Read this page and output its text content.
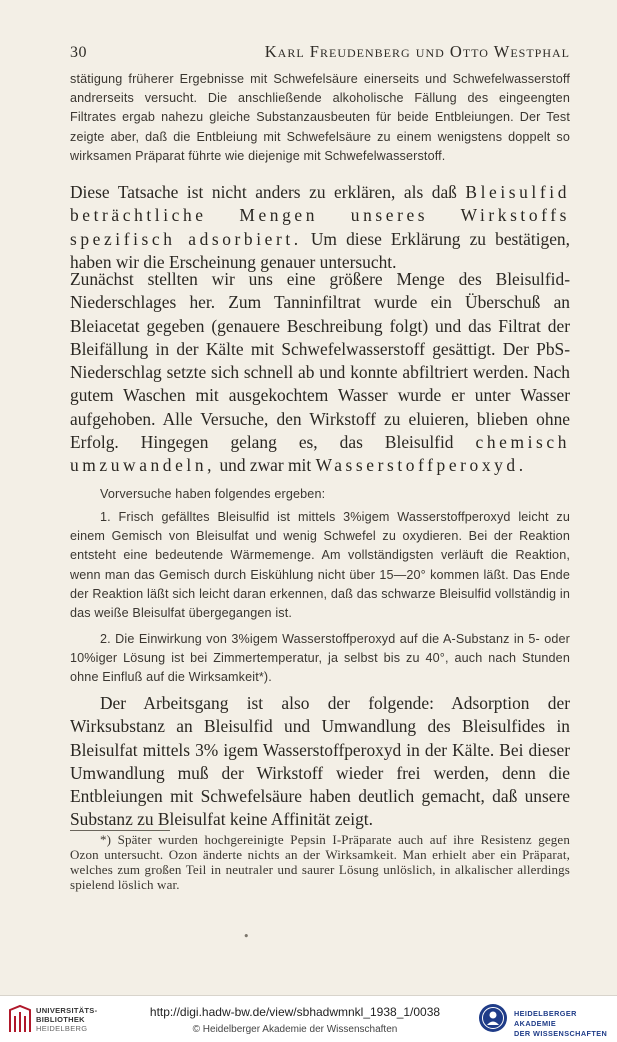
30	Karl Freudenberg und Otto Westphal

stätigung früherer Ergebnisse mit Schwefelsäure einerseits und Schwefelwasserstoff andrerseits versucht. Die anschließende alkoholische Fällung des eingeengten Filtrates ergab nahezu gleiche Substanzausbeuten für beide Entbleiungen. Der Test zeigte aber, daß die Entbleiung mit Schwefelsäure zu einem wenigstens doppelt so wirksamen Präparat führte wie diejenige mit Schwefelwasserstoff.

Diese Tatsache ist nicht anders zu erklären, als daß Bleisulfid beträchtliche Mengen unseres Wirkstoffs spezifisch adsorbiert. Um diese Erklärung zu bestätigen, haben wir die Erscheinung genauer untersucht.

Zunächst stellten wir uns eine größere Menge des Bleisulfid-Niederschlages her. Zum Tanninfiltrat wurde ein Überschuß an Bleiacetat gegeben (genauere Beschreibung folgt) und das Filtrat der Bleifällung in der Kälte mit Schwefelwasserstoff gesättigt. Der PbS-Niederschlag setzte sich schnell ab und konnte abfiltriert werden. Nach gutem Waschen mit ausgekochtem Wasser wurde er unter Wasser aufgehoben. Alle Versuche, den Wirkstoff zu eluieren, blieben ohne Erfolg. Hingegen gelang es, das Bleisulfid chemisch umzuwandeln, und zwar mit Wasserstoffperoxyd.

Vorversuche haben folgendes ergeben:

1. Frisch gefälltes Bleisulfid ist mittels 3%igem Wasserstoffperoxyd leicht zu einem Gemisch von Bleisulfat und wenig Schwefel zu oxydieren. Bei der Reaktion entsteht eine bedeutende Wärmemenge. Am vollständigsten verläuft die Reaktion, wenn man das Gemisch durch Eiskühlung nicht über 15—20° kommen läßt. Das Ende der Reaktion läßt sich leicht daran erkennen, daß das schwarze Bleisulfid vollständig in das weiße Bleisulfat übergegangen ist.

2. Die Einwirkung von 3%igem Wasserstoffperoxyd auf die A-Substanz in 5- oder 10%iger Lösung ist bei Zimmertemperatur, ja selbst bis zu 40°, auch nach Stunden ohne Einfluß auf die Wirksamkeit*).

Der Arbeitsgang ist also der folgende: Adsorption der Wirksubstanz an Bleisulfid und Umwandlung des Bleisulfides in Bleisulfat mittels 3% igem Wasserstoffperoxyd in der Kälte. Bei dieser Umwandlung muß der Wirkstoff wieder frei werden, denn die Entbleiungen mit Schwefelsäure haben deutlich gemacht, daß unsere Substanz zu Bleisulfat keine Affinität zeigt.

*) Später wurden hochgereinigte Pepsin I-Präparate auch auf ihre Resistenz gegen Ozon untersucht. Ozon änderte nichts an der Wirksamkeit. Man erhielt aber ein Präparat, welches zum großen Teil in neutraler und saurer Lösung unlöslich, in alkalischer allerdings spielend löslich war.

•
UNIVERSITÄTS-
BIBLIOTHEK
HEIDELBERG
http://digi.hadw-bw.de/view/sbhadwmnkl_1938_1/0038
© Heidelberger Akademie der Wissenschaften
HEIDELBERGER AKADEMIE
DER WISSENSCHAFTEN
